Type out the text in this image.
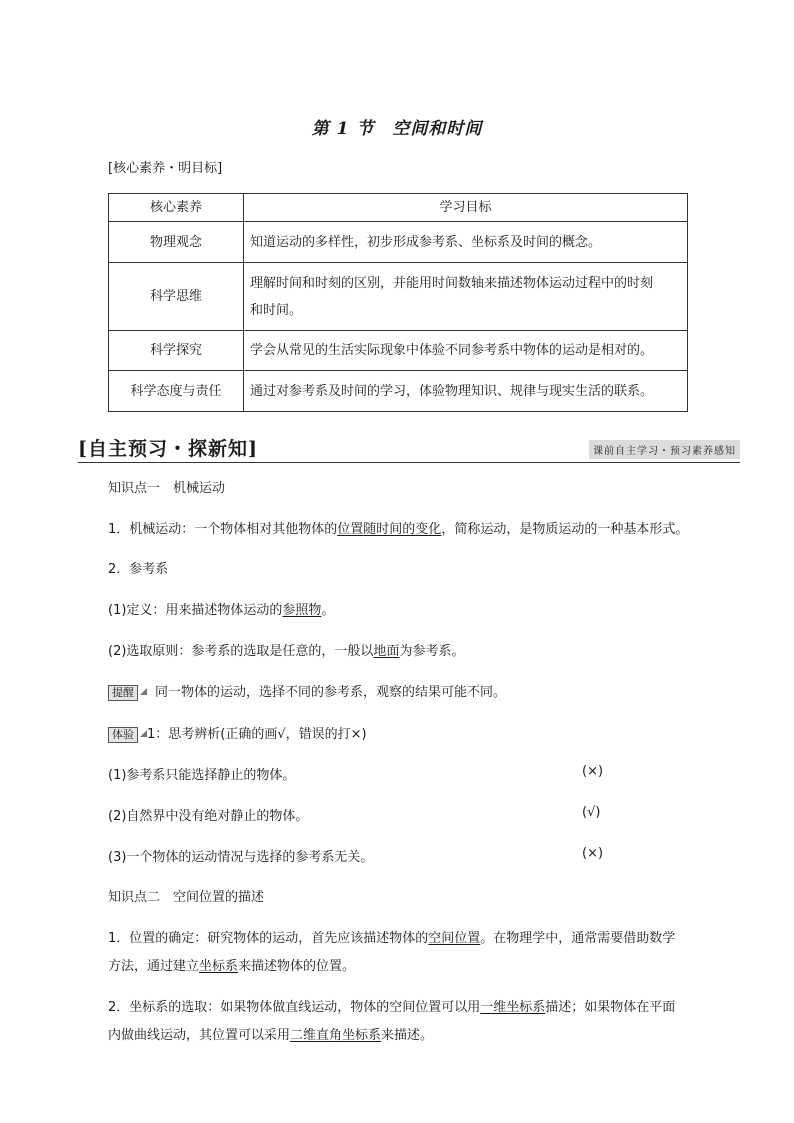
第 1 节　空间和时间
[核心素养・明目标]
核心素养	学习目标
物理观念	知道运动的多样性，初步形成参考系、坐标系及时间的概念。
科学思维	理解时间和时刻的区别，并能用时间数轴来描述物体运动过程中的时刻
和时间。

科学探究	学会从常见的生活实际现象中体验不同参考系中物体的运动是相对的。
科学态度与责任	通过对参考系及时间的学习，体验物理知识、规律与现实生活的联系。
[自主预习・探新知]	课前自主学习・预习素养感知
知识点一　机械运动
1．机械运动：一个物体相对其他物体的位置随时间的变化，简称运动，是物质运动的一种基本形式。
2．参考系
(1)定义：用来描述物体运动的参照物。
(2)选取原则：参考系的选取是任意的，一般以地面为参考系。
提醒 同一物体的运动，选择不同的参考系，观察的结果可能不同。
体验 1：思考辨析(正确的画√，错误的打×)
(1)参考系只能选择静止的物体。	(×)
(2)自然界中没有绝对静止的物体。	(√)
(3)一个物体的运动情况与选择的参考系无关。	(×)
知识点二　空间位置的描述
1．位置的确定：研究物体的运动，首先应该描述物体的空间位置。在物理学中，通常需要借助数学
方法，通过建立坐标系来描述物体的位置。
2．坐标系的选取：如果物体做直线运动，物体的空间位置可以用一维坐标系描述；如果物体在平面
内做曲线运动，其位置可以采用二维直角坐标系来描述。
